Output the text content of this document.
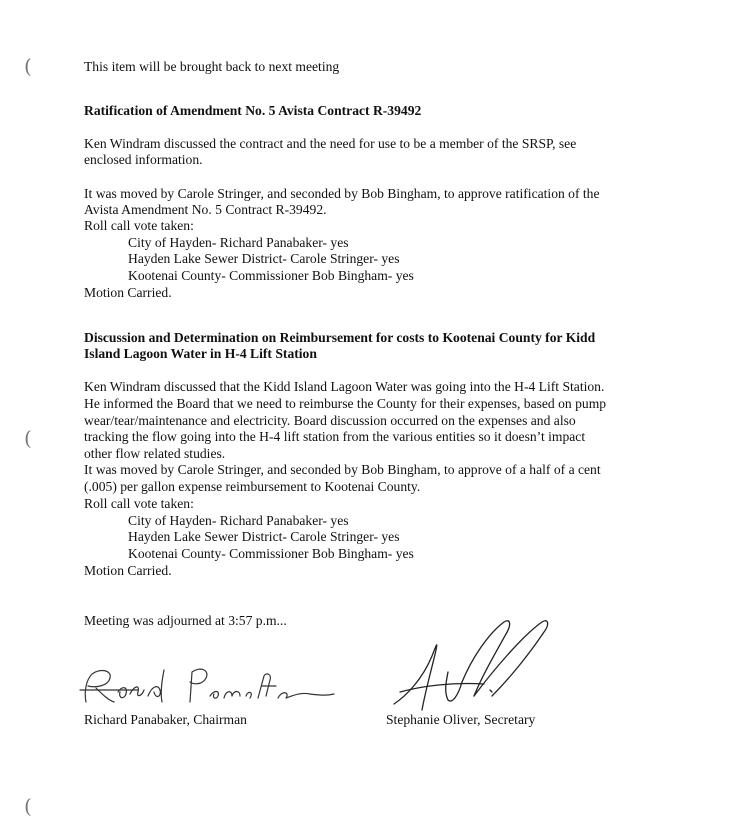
(
(
(
This item will be brought back to next meeting
Ratification of Amendment No. 5 Avista Contract R-39492
Ken Windram discussed the contract and the need for use to be a member of the SRSP, see
enclosed information.
It was moved by Carole Stringer, and seconded by Bob Bingham, to approve ratification of the
Avista Amendment No. 5 Contract R-39492.
Roll call vote taken:
City of Hayden- Richard Panabaker- yes
Hayden Lake Sewer District- Carole Stringer- yes
Kootenai County- Commissioner Bob Bingham- yes
Motion Carried.
Discussion and Determination on Reimbursement for costs to Kootenai County for Kidd
Island Lagoon Water in H-4 Lift Station
Ken Windram discussed that the Kidd Island Lagoon Water was going into the H-4 Lift Station.
He informed the Board that we need to reimburse the County for their expenses, based on pump
wear/tear/maintenance and electricity. Board discussion occurred on the expenses and also
tracking the flow going into the H-4 lift station from the various entities so it doesn’t impact
other flow related studies.
It was moved by Carole Stringer, and seconded by Bob Bingham, to approve of a half of a cent
(.005) per gallon expense reimbursement to Kootenai County.
Roll call vote taken:
City of Hayden- Richard Panabaker- yes
Hayden Lake Sewer District- Carole Stringer- yes
Kootenai County- Commissioner Bob Bingham- yes
Motion Carried.
Meeting was adjourned at 3:57 p.m...
Richard Panabaker, Chairman	Stephanie Oliver, Secretary
